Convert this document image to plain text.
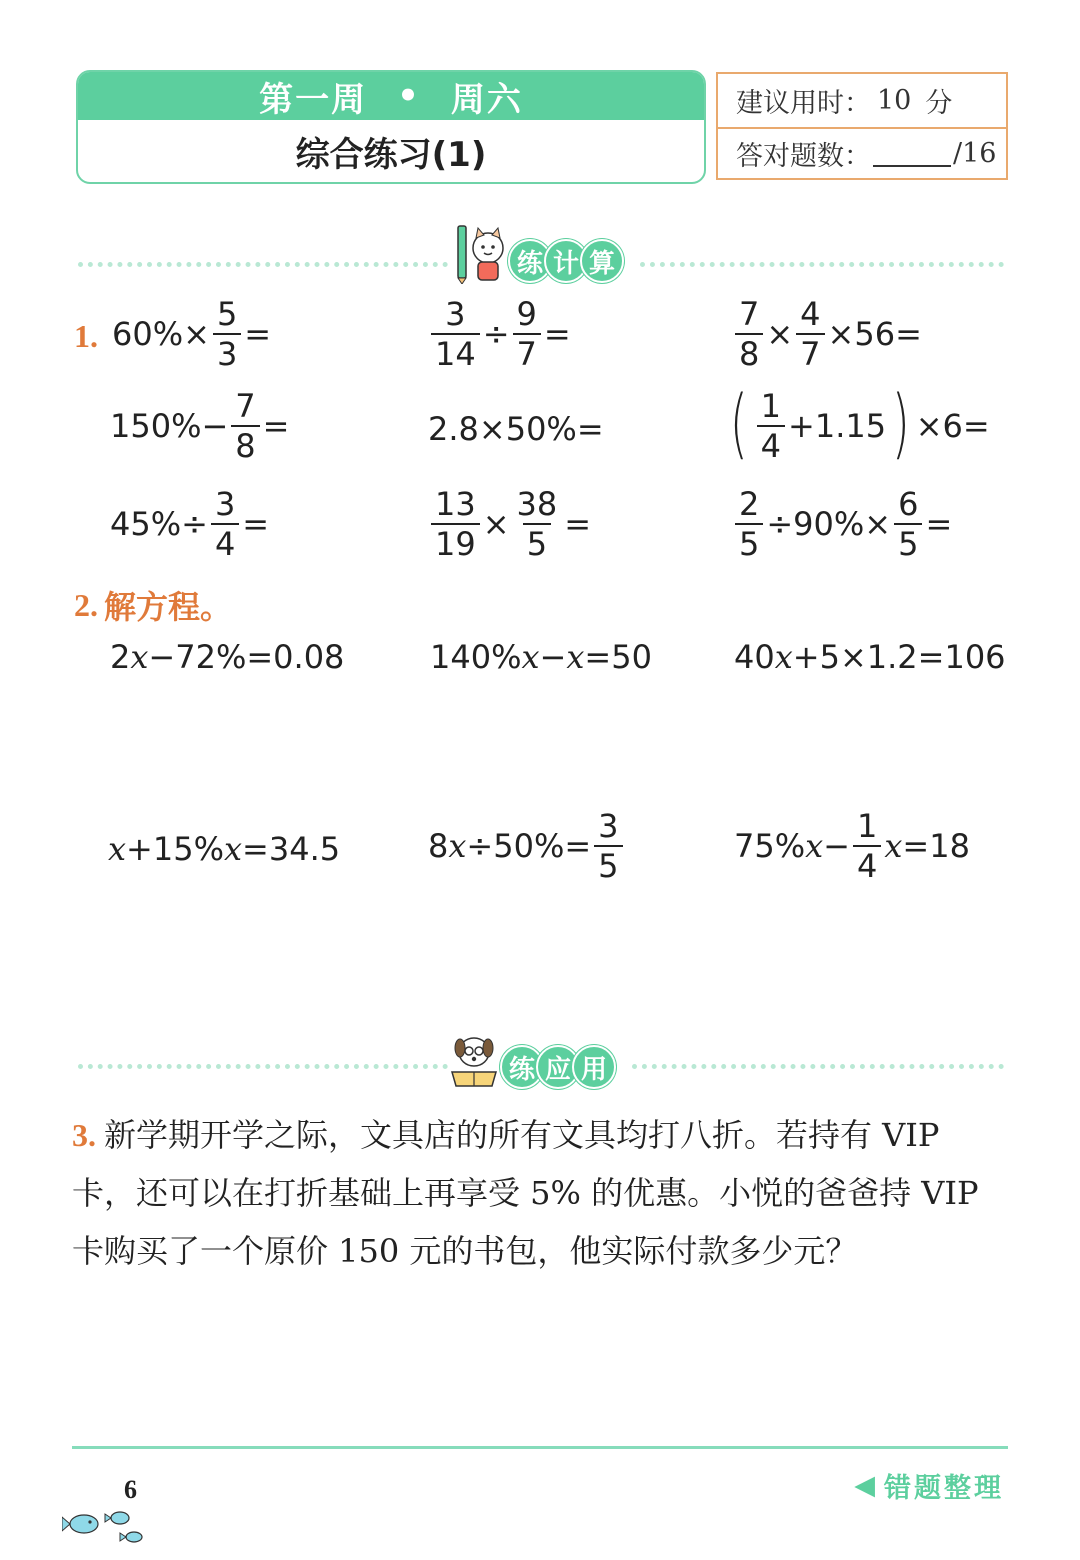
第一周 • 周六
综合练习(1)
建议用时： 10 分
答对题数：	/16
练 计 算
1. $60\%\times \frac{5}{3}$ =	$\frac{3}{14} \div \frac{9}{7}$ =	$\frac{7}{8} \times \frac{4}{7} \times 56=$
$150\%- \frac{7}{8}$ =	2.8×50%= ( $\frac{1}{4} +1.15$ ) ×6=
$45\%\div \frac{3}{4}$ =	$\frac{13}{19} \times \frac{38}{5}$ =	$\frac{2}{5} \div 90\%\times \frac{6}{5}$ =
2. 解方程。
2 x −72%=0.08	140% x − x =50	40 x +5×1.2=106
x +15% x =34.5	8 $x \div 50\%= \frac{3}{5}$	75% $x - \frac{1}{4}$ x =18
练 应 用
3. 新学期开学之际，文具店的所有文具均打八折。若持有 VIP 卡，还可以在打折基础上再享受 5% 的优惠。小悦的爸爸持 VIP 卡购买了一个原价 150 元的书包，他实际付款多少元？
6	◀ 错题整理
